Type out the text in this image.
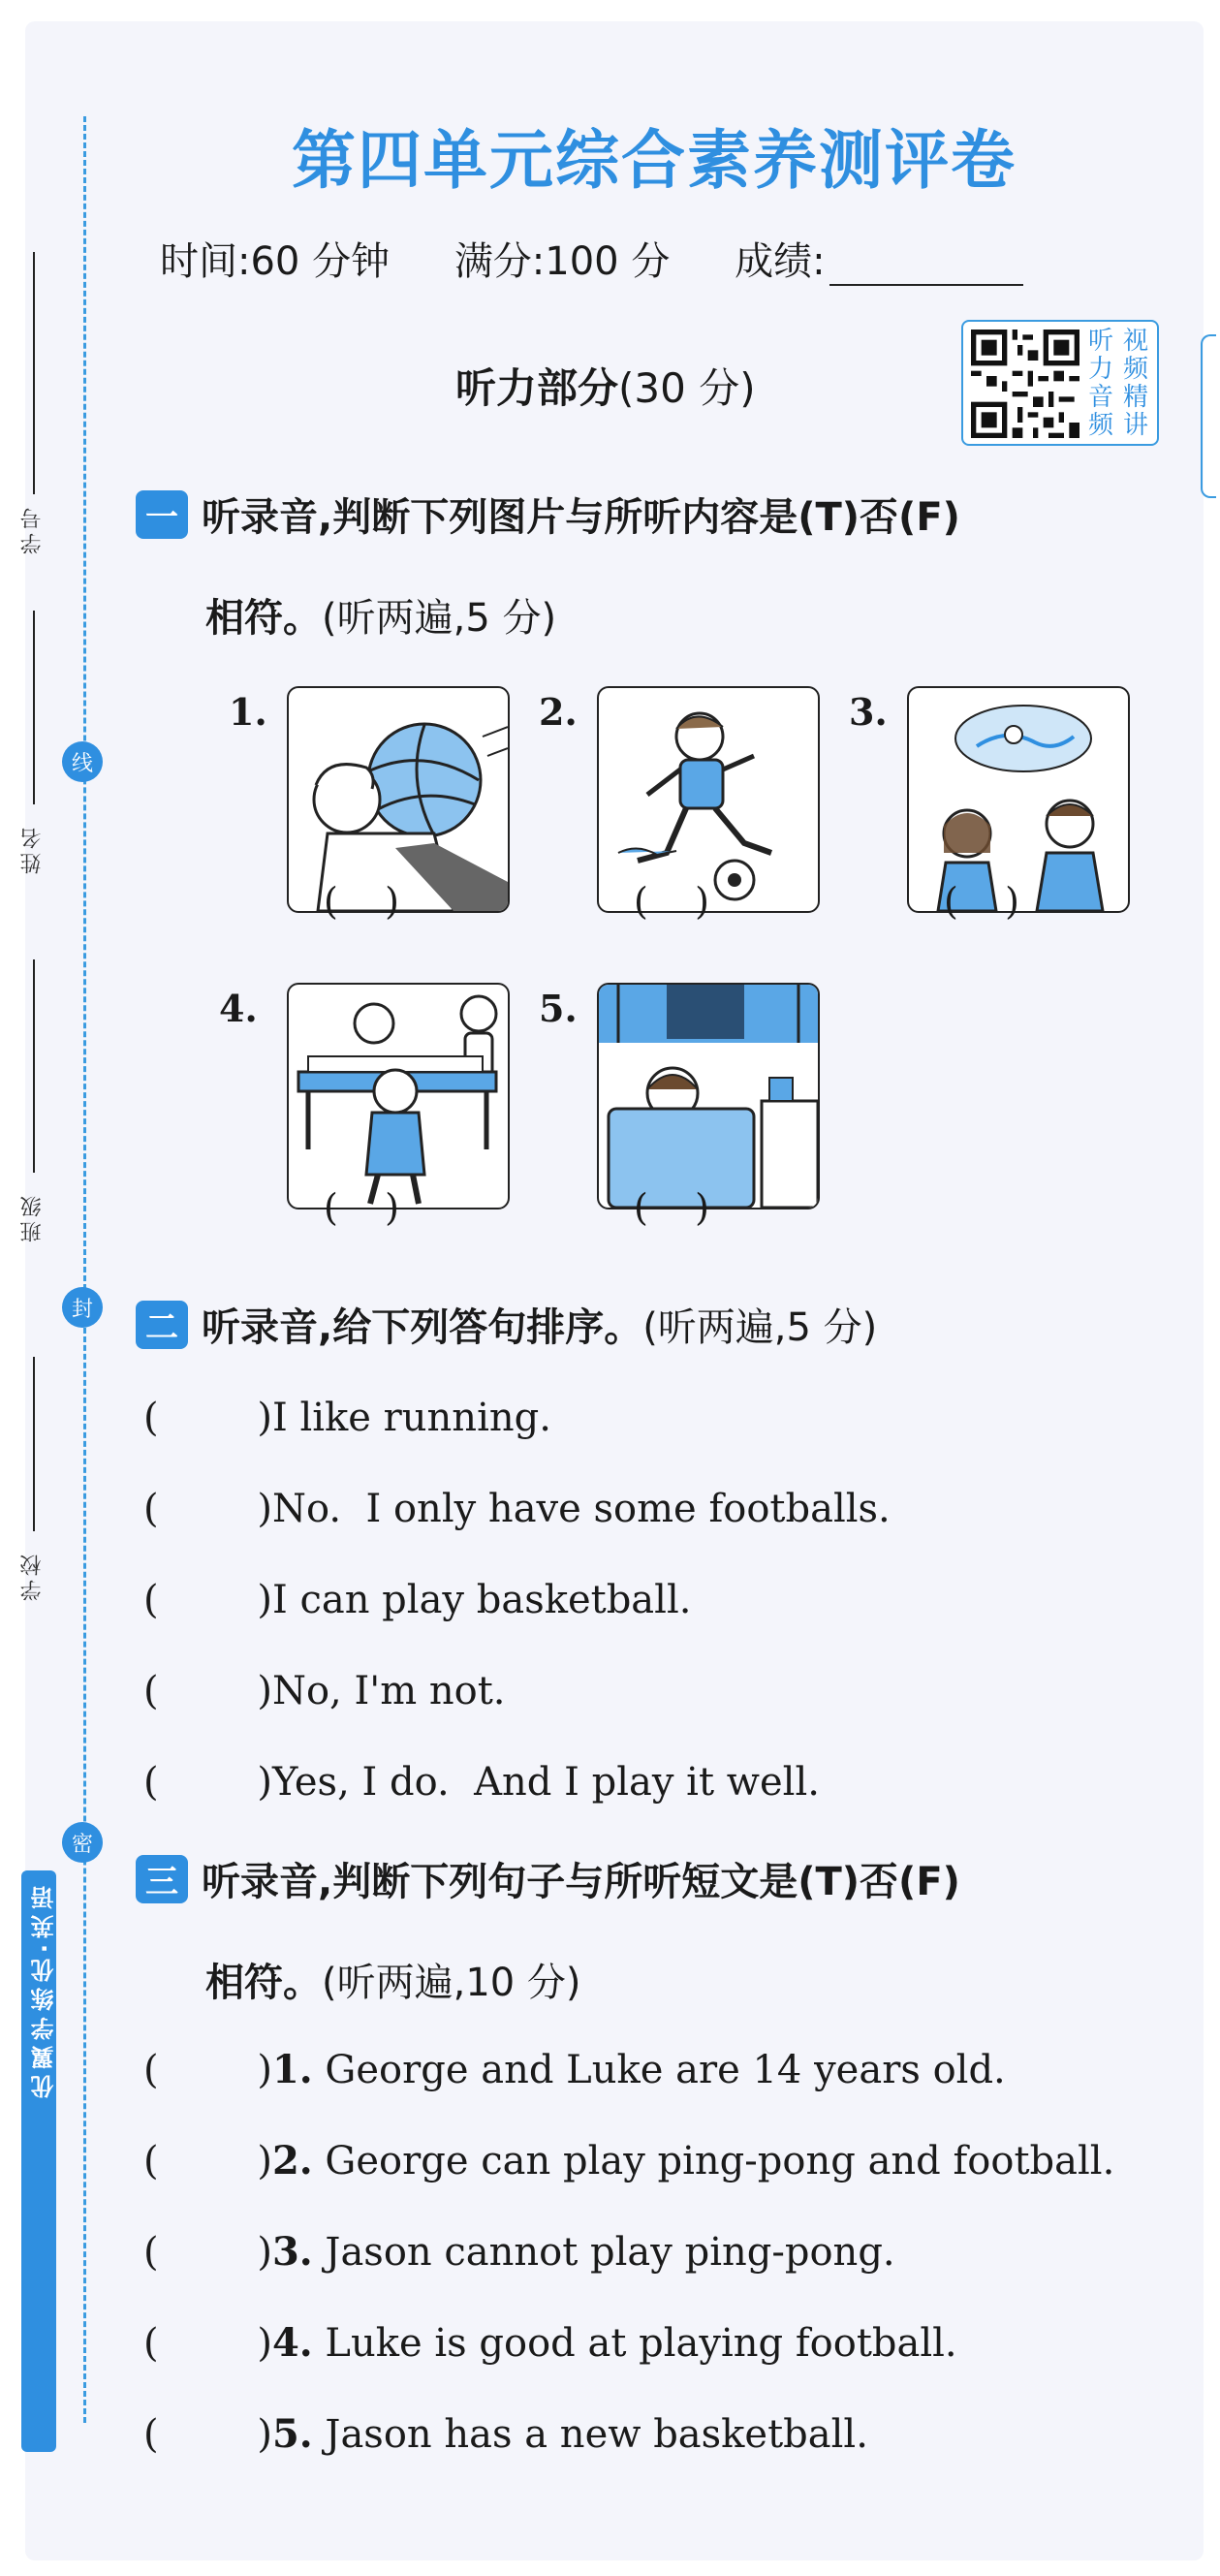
线
封
密
学号
姓名
班级
学校
优翼学练优·英语
第四单元综合素养测评卷
时间:60 分钟 满分:100 分 成绩:
听力部分(30 分)
听 视
力 频
音 精
频 讲
一 听录音,判断下列图片与所听内容是(T)否(F)
相符。(听两遍,5 分)
1.
(    )
2.
(    )
3.
(    )
4.
(    )
5.
(    )
二 听录音,给下列答句排序。(听两遍,5 分)
(        )I like running.
(        )No.  I only have some footballs.
(        )I can play basketball.
(        )No, I'm not.
(        )Yes, I do.  And I play it well.
三 听录音,判断下列句子与所听短文是(T)否(F)
相符。(听两遍,10 分)
(        )1. George and Luke are 14 years old.
(        )2. George can play ping-pong and football.
(        )3. Jason cannot play ping-pong.
(        )4. Luke is good at playing football.
(        )5. Jason has a new basketball.
